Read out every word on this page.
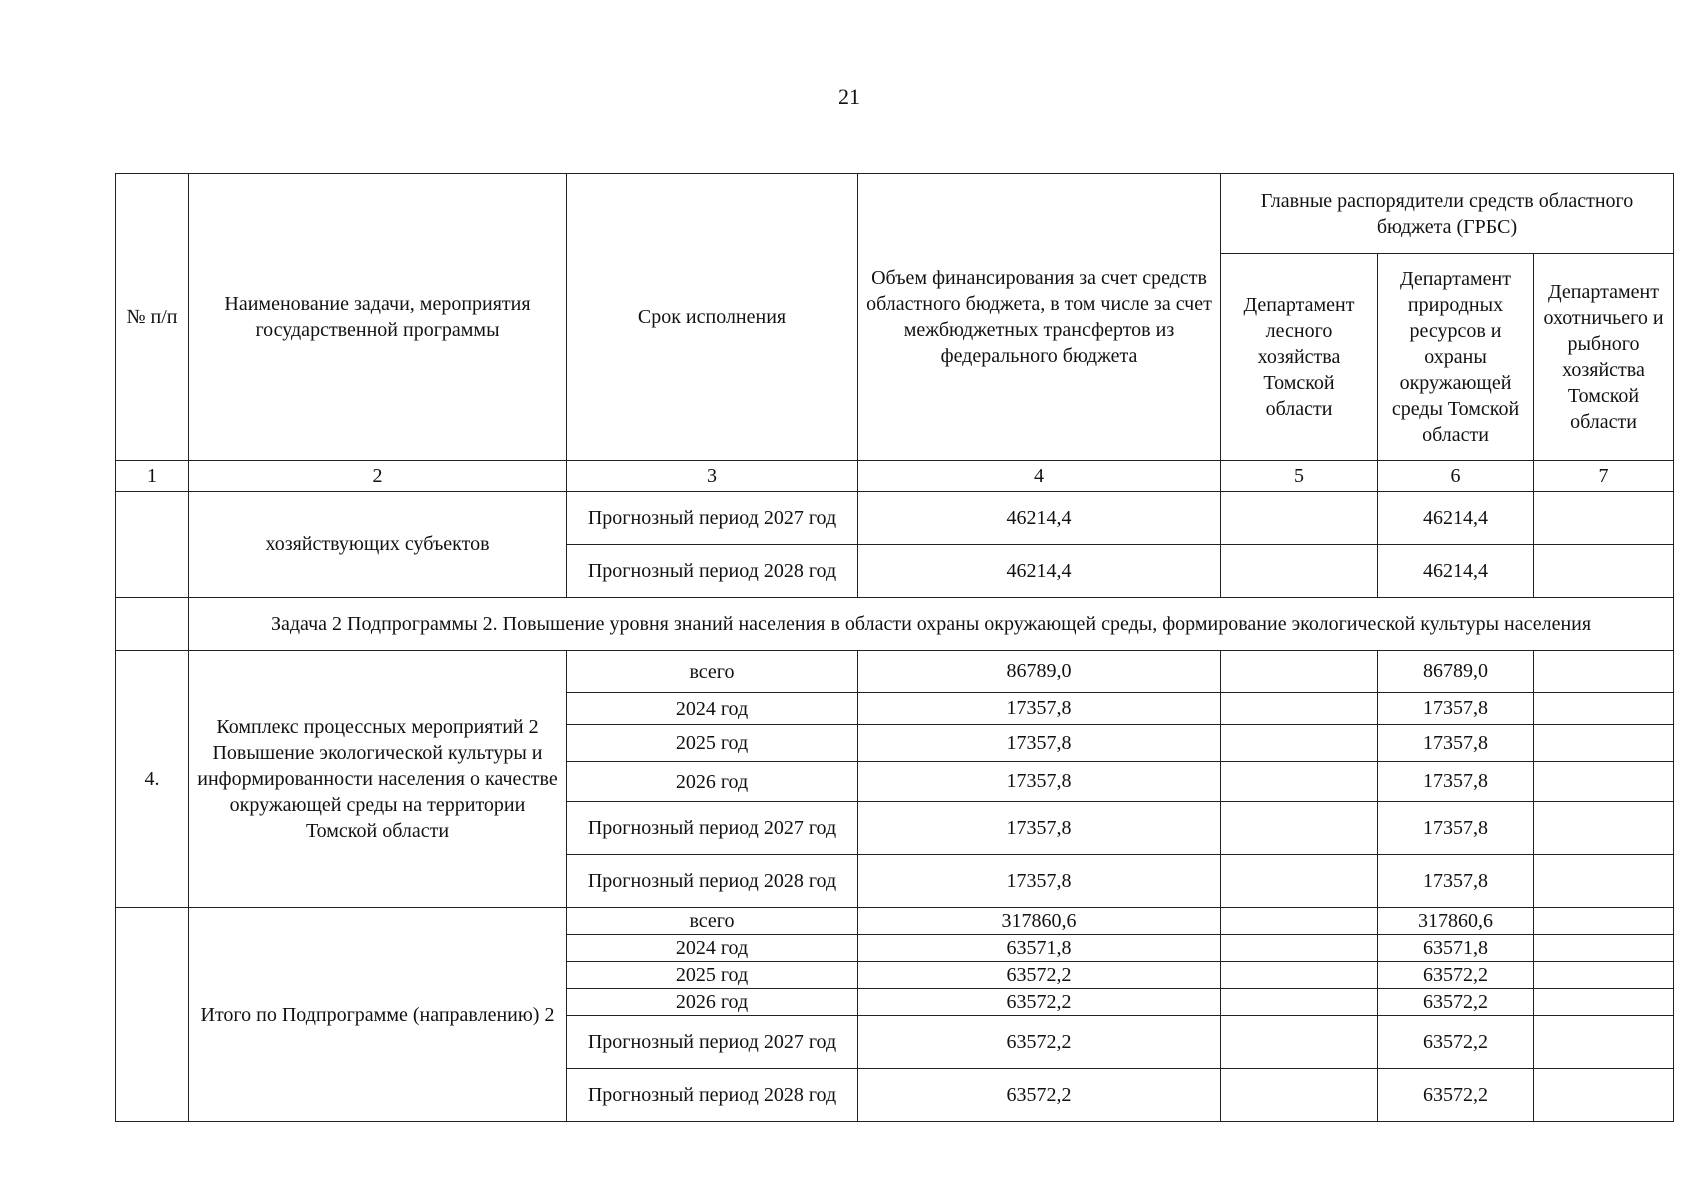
21
№ п/п	Наименование задачи, мероприятия государственной программы	Срок исполнения	Объем финансирования за счет средств областного бюджета, в том числе за счет межбюджетных трансфертов из федерального бюджета	Главные распорядители средств областного бюджета (ГРБС)		
				Департамент лесного хозяйства Томской области	Департамент природных ресурсов и охраны окружающей среды Томской области	Департамент охотничьего и рыбного хозяйства Томской области
1	2	3	4	5	6	7
	хозяйствующих субъектов	Прогнозный период 2027 год	46214,4		46214,4	
		Прогнозный период 2028 год	46214,4		46214,4	
	Задача 2 Подпрограммы 2. Повышение уровня знаний населения в области охраны окружающей среды, формирование экологической культуры населения					
4.	Комплекс процессных мероприятий 2 Повышение экологической культуры и информированности населения о качестве окружающей среды на территории Томской области	всего	86789,0		86789,0	
		2024 год	17357,8		17357,8	
		2025 год	17357,8		17357,8	
		2026 год	17357,8		17357,8	
		Прогнозный период 2027 год	17357,8		17357,8	
		Прогнозный период 2028 год	17357,8		17357,8	
	Итого по Подпрограмме (направлению) 2	всего	317860,6		317860,6	
		2024 год	63571,8		63571,8	
		2025 год	63572,2		63572,2	
		2026 год	63572,2		63572,2	
		Прогнозный период 2027 год	63572,2		63572,2	
		Прогнозный период 2028 год	63572,2		63572,2	
